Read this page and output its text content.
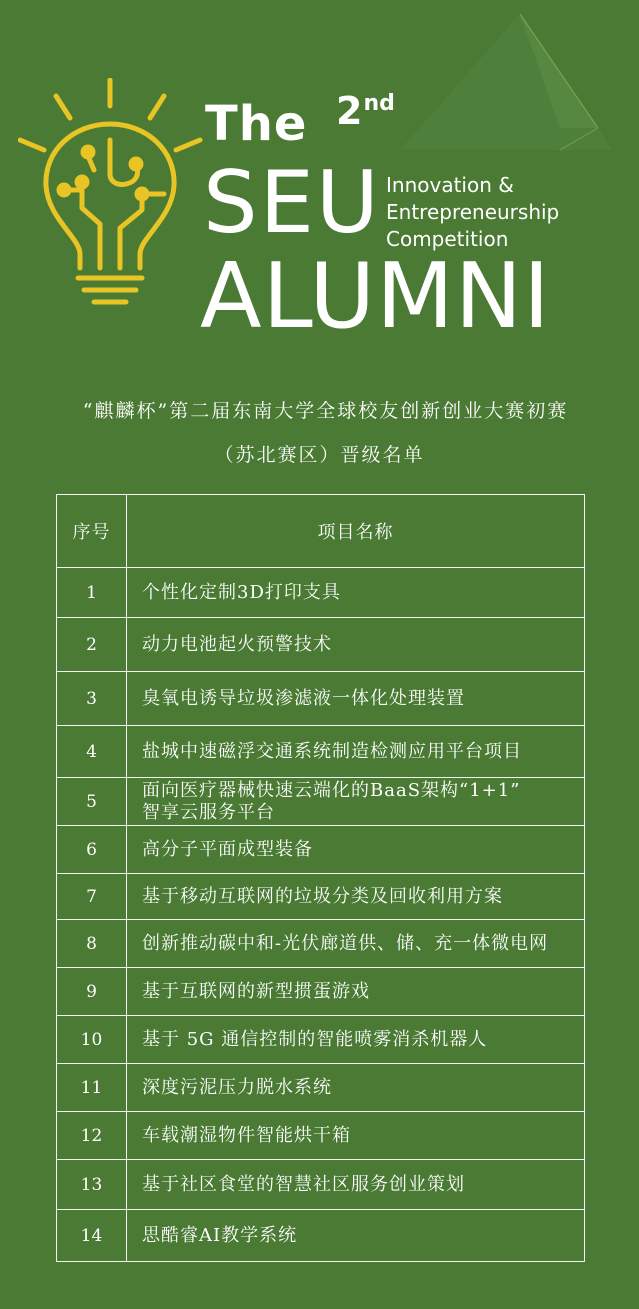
The 2nd
SEU Innovation &
Entrepreneurship
Competition
ALUMNI
“麒麟杯”第二届东南大学全球校友创新创业大赛初赛
（苏北赛区）晋级名单
序号	项目名称
1	个性化定制3D打印支具

2	动力电池起火预警技术

3	臭氧电诱导垃圾渗滤液一体化处理装置

4	盐城中速磁浮交通系统制造检测应用平台项目

5	面向医疗器械快速云端化的BaaS架构“1+1”
智享云服务平台

6	高分子平面成型装备

7	基于移动互联网的垃圾分类及回收利用方案

8	创新推动碳中和-光伏廊道供、储、充一体微电网

9	基于互联网的新型掼蛋游戏

10	基于 5G 通信控制的智能喷雾消杀机器人

11	深度污泥压力脱水系统

12	车载潮湿物件智能烘干箱

13	基于社区食堂的智慧社区服务创业策划

14	思酷睿AI教学系统
